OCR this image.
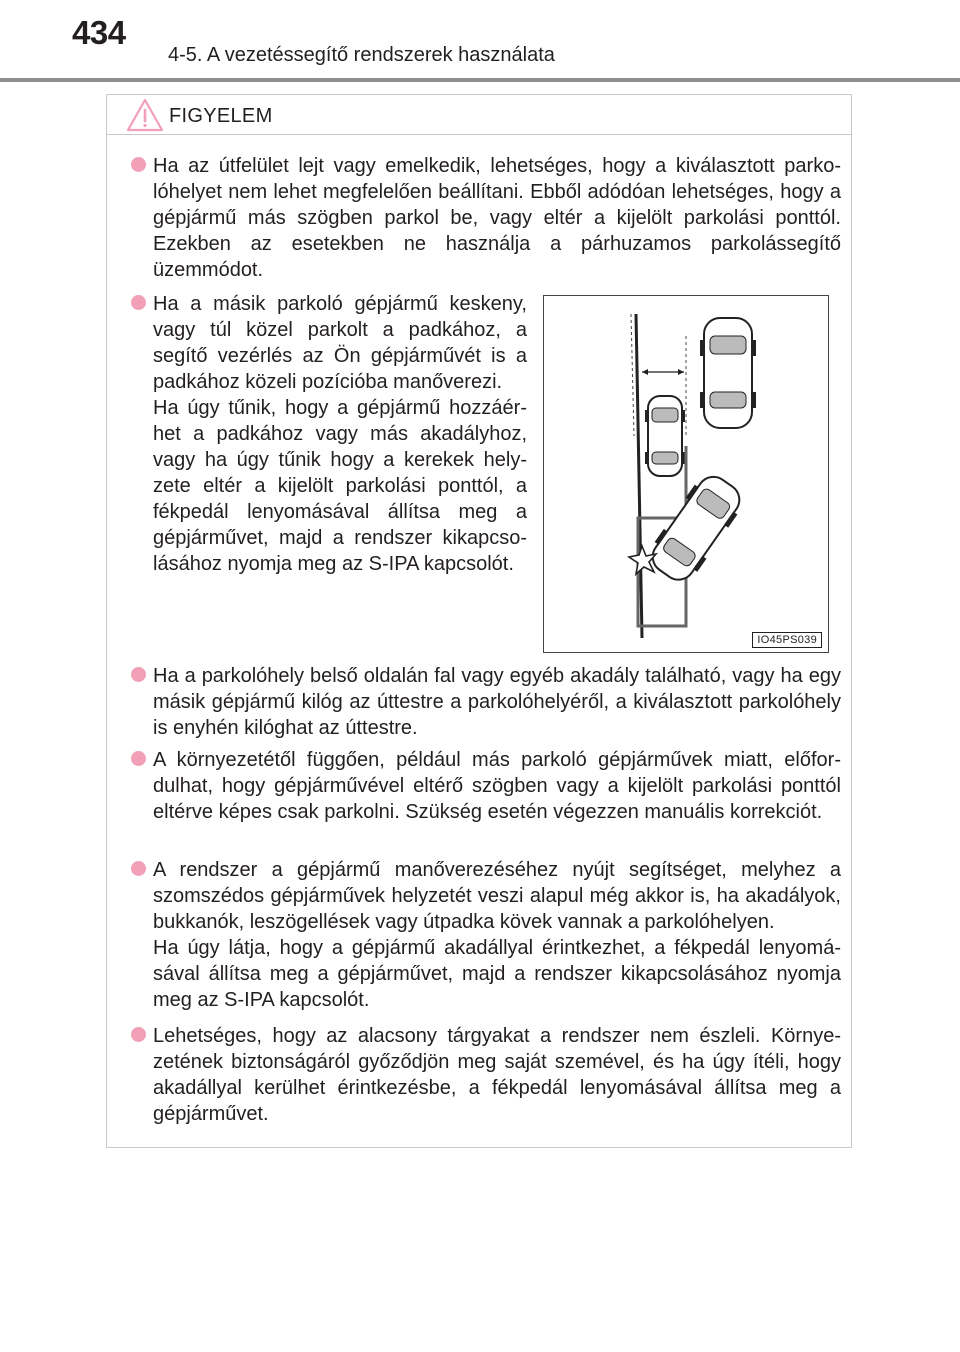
434
4-5. A vezetéssegítő rendszerek használata
FIGYELEM
Ha az útfelület lejt vagy emelkedik, lehetséges, hogy a kiválasztott parkolóhelyet nem lehet megfelelően beállítani. Ebből adódóan lehetséges, hogy a gépjármű más szögben parkol be, vagy eltér a kijelölt parkolási ponttól. Ezekben az esetekben ne használja a párhuzamos parkolássegítő üzemmódot.
Ha a másik parkoló gépjármű keskeny, vagy túl közel parkolt a padkához, a segítő vezérlés az Ön gépjárművét is a padkához közeli pozícióba manőverezi.
Ha úgy tűnik, hogy a gépjármű hozzáérhet a padkához vagy más akadályhoz, vagy ha úgy tűnik hogy a kerekek helyzete eltér a kijelölt parkolási ponttól, a fékpedál lenyomásával állítsa meg a gépjárművet, majd a rendszer kikapcsolásához nyomja meg az S-IPA kapcsolót.
IO45PS039
Ha a parkolóhely belső oldalán fal vagy egyéb akadály található, vagy ha egy másik gépjármű kilóg az úttestre a parkolóhelyéről, a kiválasztott parkolóhely is enyhén kilóghat az úttestre.
A környezetétől függően, például más parkoló gépjárművek miatt, előfordulhat, hogy gépjárművével eltérő szögben vagy a kijelölt parkolási ponttól eltérve képes csak parkolni. Szükség esetén végezzen manuális korrekciót.
A rendszer a gépjármű manőverezéséhez nyújt segítséget, melyhez a szomszédos gépjárművek helyzetét veszi alapul még akkor is, ha akadályok, bukkanók, leszögellések vagy útpadka kövek vannak a parkolóhelyen.
Ha úgy látja, hogy a gépjármű akadállyal érintkezhet, a fékpedál lenyomásával állítsa meg a gépjárművet, majd a rendszer kikapcsolásához nyomja meg az S-IPA kapcsolót.
Lehetséges, hogy az alacsony tárgyakat a rendszer nem észleli. Környezetének biztonságáról győződjön meg saját szemével, és ha úgy ítéli, hogy akadállyal kerülhet érintkezésbe, a fékpedál lenyomásával állítsa meg a gépjárművet.
